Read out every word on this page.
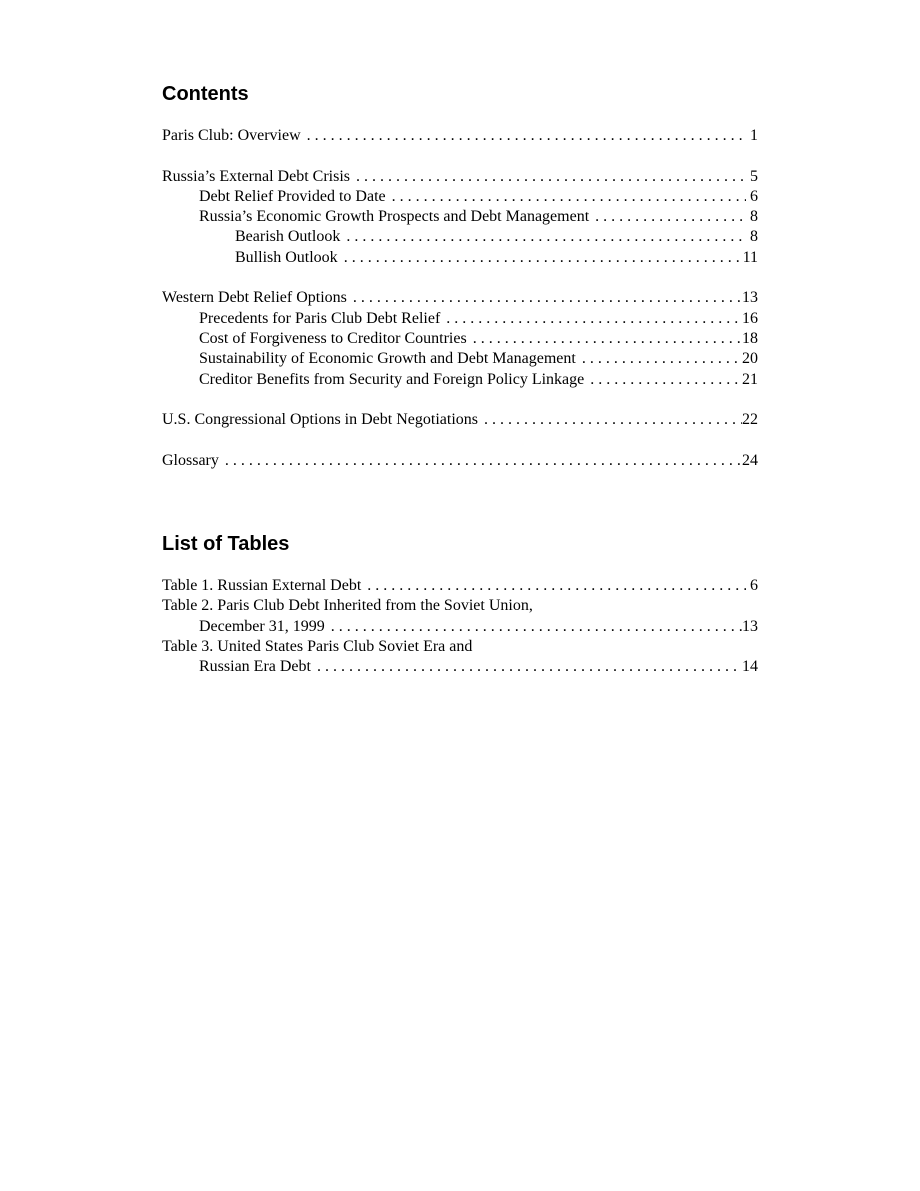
Contents
Paris Club: Overview . . .	1
Russia’s External Debt Crisis . . .	5
Debt Relief Provided to Date . . .	6
Russia’s Economic Growth Prospects and Debt Management . . .	8
Bearish Outlook . . .	8
Bullish Outlook . . .	11
Western Debt Relief Options . . .	13
Precedents for Paris Club Debt Relief . . .	16
Cost of Forgiveness to Creditor Countries . . .	18
Sustainability of Economic Growth and Debt Management . . .	20
Creditor Benefits from Security and Foreign Policy Linkage . . .	21
U.S. Congressional Options in Debt Negotiations . . .	22
Glossary . . .	24
List of Tables
Table 1. Russian External Debt . . .	6
Table 2. Paris Club Debt Inherited from the Soviet Union,
December 31, 1999 . . .	13
Table 3. United States Paris Club Soviet Era and
Russian Era Debt . . .	14
